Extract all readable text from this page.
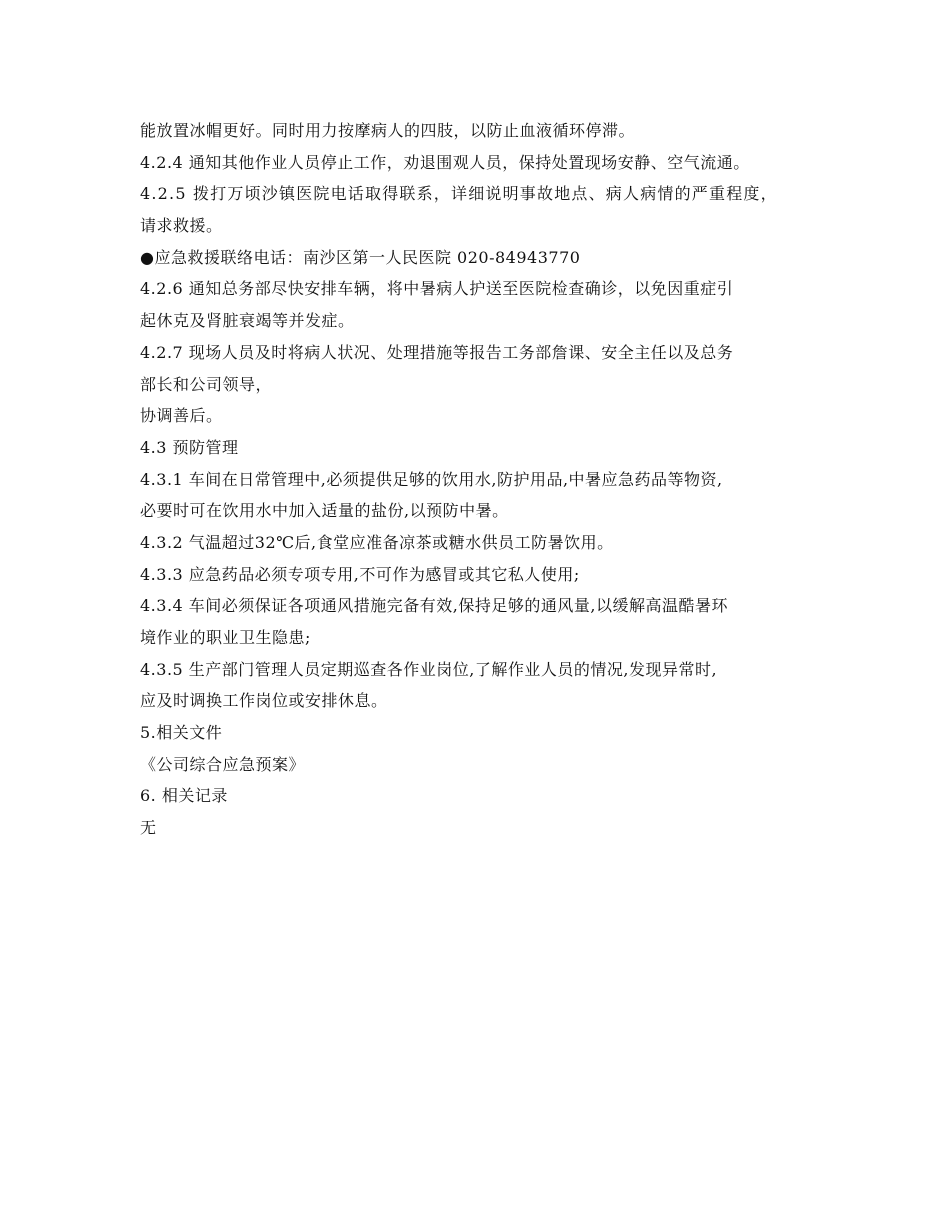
能放置冰帽更好。同时用力按摩病人的四肢，以防止血液循环停滞。
4.2.4 通知其他作业人员停止工作，劝退围观人员，保持处置现场安静、空气流通。
4.2.5 拨打万顷沙镇医院电话取得联系，详细说明事故地点、病人病情的严重程度，
请求救援。
●应急救援联络电话：南沙区第一人民医院 020-84943770
4.2.6 通知总务部尽快安排车辆，将中暑病人护送至医院检查确诊，以免因重症引
起休克及肾脏衰竭等并发症。
4.2.7 现场人员及时将病人状况、处理措施等报告工务部詹课、安全主任以及总务
部长和公司领导，
协调善后。
4.3 预防管理
4.3.1 车间在日常管理中,必须提供足够的饮用水,防护用品,中暑应急药品等物资,
必要时可在饮用水中加入适量的盐份,以预防中暑。
4.3.2 气温超过32℃后,食堂应准备凉茶或糖水供员工防暑饮用。
4.3.3 应急药品必须专项专用,不可作为感冒或其它私人使用;
4.3.4 车间必须保证各项通风措施完备有效,保持足够的通风量,以缓解高温酷暑环
境作业的职业卫生隐患;
4.3.5 生产部门管理人员定期巡查各作业岗位,了解作业人员的情况,发现异常时,
应及时调换工作岗位或安排休息。
5.相关文件
《公司综合应急预案》
6. 相关记录
无
